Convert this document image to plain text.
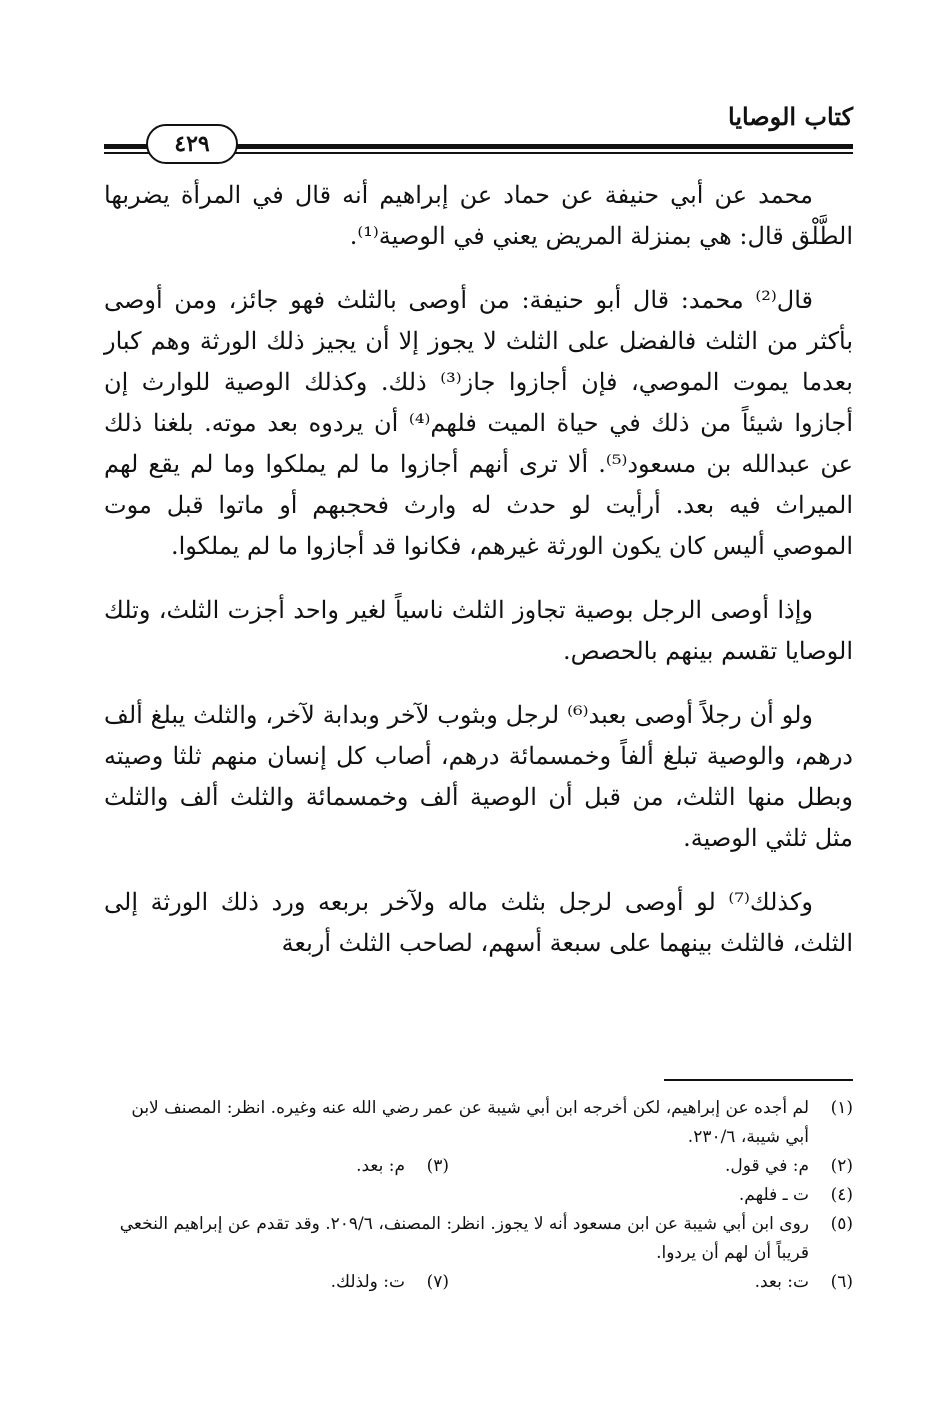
كتاب الوصايا
٤٢٩

محمد عن أبي حنيفة عن حماد عن إبراهيم أنه قال في المرأة يضربها الطَّلْق قال: هي بمنزلة المريض يعني في الوصية⁽¹⁾.

قال⁽²⁾ محمد: قال أبو حنيفة: من أوصى بالثلث فهو جائز، ومن أوصى بأكثر من الثلث فالفضل على الثلث لا يجوز إلا أن يجيز ذلك الورثة وهم كبار بعدما يموت الموصي، فإن أجازوا جاز⁽³⁾ ذلك. وكذلك الوصية للوارث إن أجازوا شيئاً من ذلك في حياة الميت فلهم⁽⁴⁾ أن يردوه بعد موته. بلغنا ذلك عن عبدالله بن مسعود⁽⁵⁾. ألا ترى أنهم أجازوا ما لم يملكوا وما لم يقع لهم الميراث فيه بعد. أرأيت لو حدث له وارث فحجبهم أو ماتوا قبل موت الموصي أليس كان يكون الورثة غيرهم، فكانوا قد أجازوا ما لم يملكوا.

وإذا أوصى الرجل بوصية تجاوز الثلث ناسياً لغير واحد أجزت الثلث، وتلك الوصايا تقسم بينهم بالحصص.

ولو أن رجلاً أوصى بعبد⁽⁶⁾ لرجل وبثوب لآخر وبدابة لآخر، والثلث يبلغ ألف درهم، والوصية تبلغ ألفاً وخمسمائة درهم، أصاب كل إنسان منهم ثلثا وصيته وبطل منها الثلث، من قبل أن الوصية ألف وخمسمائة والثلث ألف والثلث مثل ثلثي الوصية.

وكذلك⁽⁷⁾ لو أوصى لرجل بثلث ماله ولآخر بربعه ورد ذلك الورثة إلى الثلث، فالثلث بينهما على سبعة أسهم، لصاحب الثلث أربعة

(١)
لم أجده عن إبراهيم، لكن أخرجه ابن أبي شيبة عن عمر رضي الله عنه وغيره. انظر: المصنف لابن أبي شيبة، ٢٣٠/٦.
(٢)
م: في قول.
(٣)
م: بعد.
(٤)
ت ـ فلهم.
(٥)
روى ابن أبي شيبة عن ابن مسعود أنه لا يجوز. انظر: المصنف، ٢٠٩/٦. وقد تقدم عن إبراهيم النخعي قريباً أن لهم أن يردوا.
(٦)
ت: بعد.
(٧)
ت: ولذلك.
